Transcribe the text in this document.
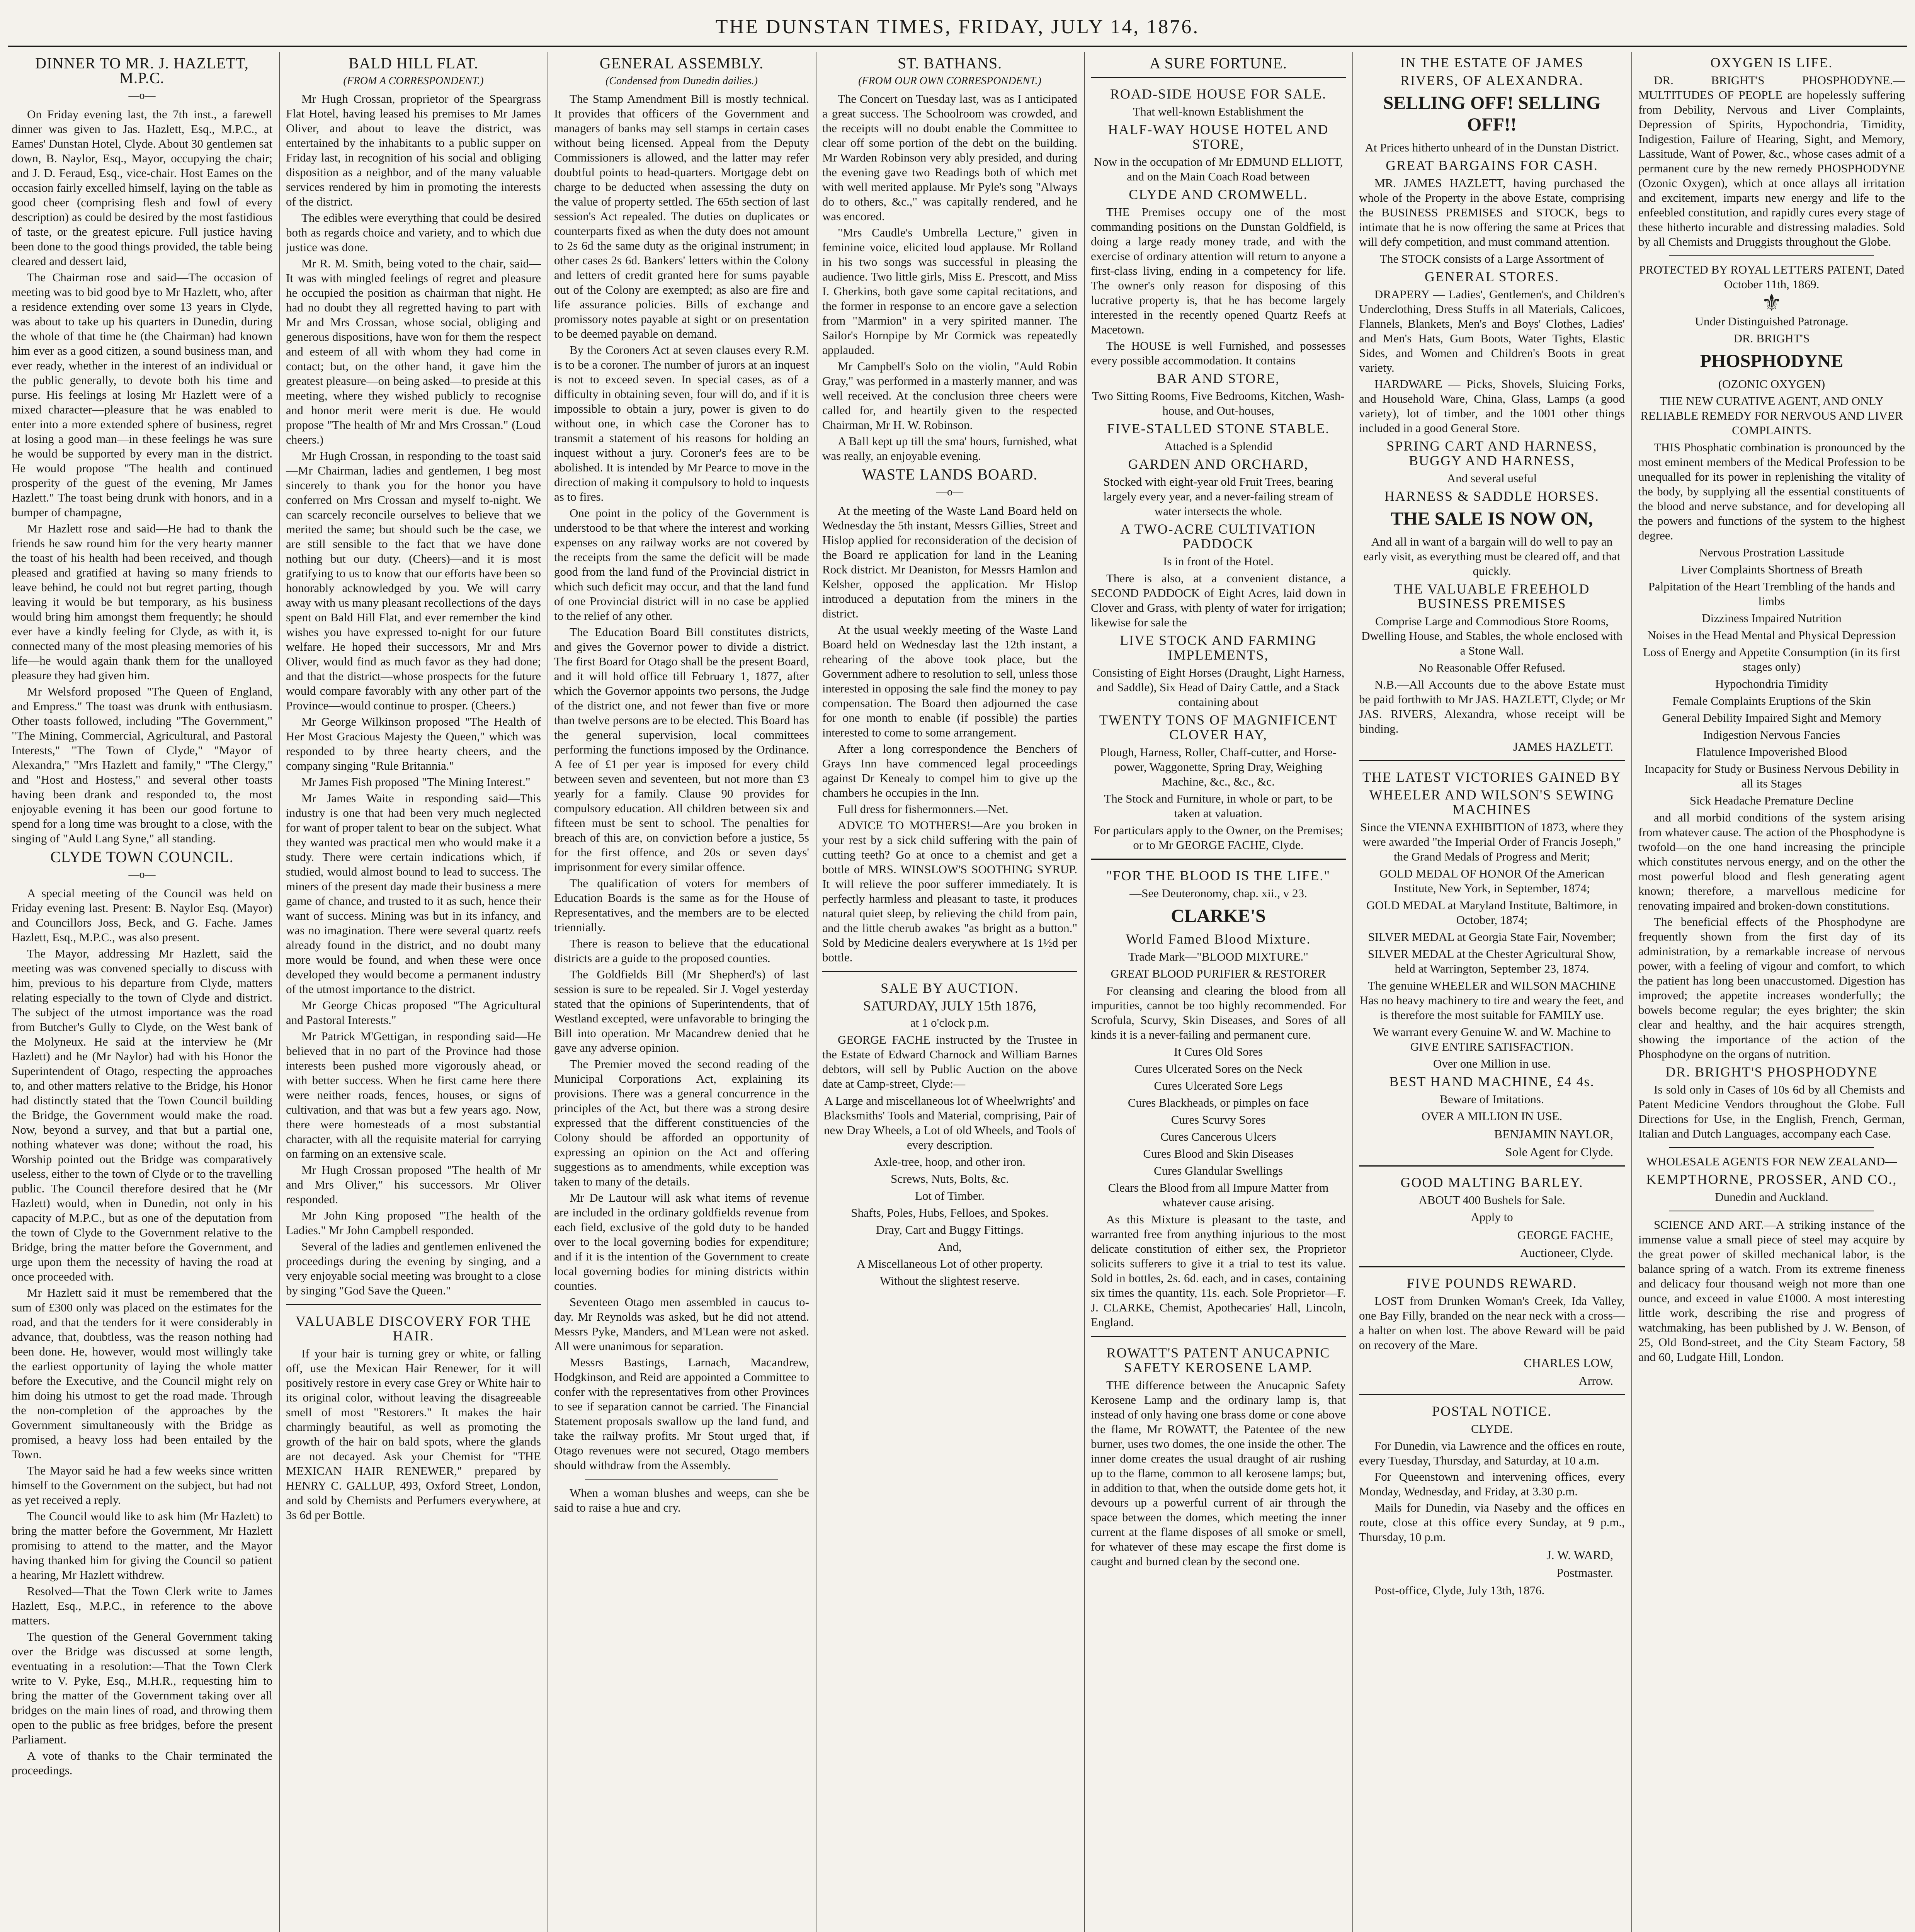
THE DUNSTAN TIMES, FRIDAY, JULY 14, 1876.
DINNER TO MR. J. HAZLETT, M.P.C.
—o—

On Friday evening last, the 7th inst., a farewell dinner was given to Jas. Hazlett, Esq., M.P.C., at Eames' Dunstan Hotel, Clyde. About 30 gentlemen sat down, B. Naylor, Esq., Mayor, occupying the chair; and J. D. Feraud, Esq., vice-chair. Host Eames on the occasion fairly excelled himself, laying on the table as good cheer (comprising flesh and fowl of every description) as could be desired by the most fastidious of taste, or the greatest epicure. Full justice having been done to the good things provided, the table being cleared and dessert laid,

The Chairman rose and said—The occasion of meeting was to bid good bye to Mr Hazlett, who, after a residence extending over some 13 years in Clyde, was about to take up his quarters in Dunedin, during the whole of that time he (the Chairman) had known him ever as a good citizen, a sound business man, and ever ready, whether in the interest of an individual or the public generally, to devote both his time and purse. His feelings at losing Mr Hazlett were of a mixed character—pleasure that he was enabled to enter into a more extended sphere of business, regret at losing a good man—in these feelings he was sure he would be supported by every man in the district. He would propose "The health and continued prosperity of the guest of the evening, Mr James Hazlett." The toast being drunk with honors, and in a bumper of champagne,

Mr Hazlett rose and said—He had to thank the friends he saw round him for the very hearty manner the toast of his health had been received, and though pleased and gratified at having so many friends to leave behind, he could not but regret parting, though leaving it would be but temporary, as his business would bring him amongst them frequently; he should ever have a kindly feeling for Clyde, as with it, is connected many of the most pleasing memories of his life—he would again thank them for the unalloyed pleasure they had given him.

Mr Welsford proposed "The Queen of England, and Empress." The toast was drunk with enthusiasm. Other toasts followed, including "The Government," "The Mining, Commercial, Agricultural, and Pastoral Interests," "The Town of Clyde," "Mayor of Alexandra," "Mrs Hazlett and family," "The Clergy," and "Host and Hostess," and several other toasts having been drank and responded to, the most enjoyable evening it has been our good fortune to spend for a long time was brought to a close, with the singing of "Auld Lang Syne," all standing.

CLYDE TOWN COUNCIL.
—o—

A special meeting of the Council was held on Friday evening last. Present: B. Naylor Esq. (Mayor) and Councillors Joss, Beck, and G. Fache. James Hazlett, Esq., M.P.C., was also present.

The Mayor, addressing Mr Hazlett, said the meeting was was convened specially to discuss with him, previous to his departure from Clyde, matters relating especially to the town of Clyde and district. The subject of the utmost importance was the road from Butcher's Gully to Clyde, on the West bank of the Molyneux. He said at the interview he (Mr Hazlett) and he (Mr Naylor) had with his Honor the Superintendent of Otago, respecting the approaches to, and other matters relative to the Bridge, his Honor had distinctly stated that the Town Council building the Bridge, the Government would make the road. Now, beyond a survey, and that but a partial one, nothing whatever was done; without the road, his Worship pointed out the Bridge was comparatively useless, either to the town of Clyde or to the travelling public. The Council therefore desired that he (Mr Hazlett) would, when in Dunedin, not only in his capacity of M.P.C., but as one of the deputation from the town of Clyde to the Government relative to the Bridge, bring the matter before the Government, and urge upon them the necessity of having the road at once proceeded with.

Mr Hazlett said it must be remembered that the sum of £300 only was placed on the estimates for the road, and that the tenders for it were considerably in advance, that, doubtless, was the reason nothing had been done. He, however, would most willingly take the earliest opportunity of laying the whole matter before the Executive, and the Council might rely on him doing his utmost to get the road made. Through the non-completion of the approaches by the Government simultaneously with the Bridge as promised, a heavy loss had been entailed by the Town.

The Mayor said he had a few weeks since written himself to the Government on the subject, but had not as yet received a reply.

The Council would like to ask him (Mr Hazlett) to bring the matter before the Government, Mr Hazlett promising to attend to the matter, and the Mayor having thanked him for giving the Council so patient a hearing, Mr Hazlett withdrew.

Resolved—That the Town Clerk write to James Hazlett, Esq., M.P.C., in reference to the above matters.

The question of the General Government taking over the Bridge was discussed at some length, eventuating in a resolution:—That the Town Clerk write to V. Pyke, Esq., M.H.R., requesting him to bring the matter of the Government taking over all bridges on the main lines of road, and throwing them open to the public as free bridges, before the present Parliament.

A vote of thanks to the Chair terminated the proceedings.

BALD HILL FLAT.
(FROM A CORRESPONDENT.)

Mr Hugh Crossan, proprietor of the Speargrass Flat Hotel, having leased his premises to Mr James Oliver, and about to leave the district, was entertained by the inhabitants to a public supper on Friday last, in recognition of his social and obliging disposition as a neighbor, and of the many valuable services rendered by him in promoting the interests of the district.

The edibles were everything that could be desired both as regards choice and variety, and to which due justice was done.

Mr R. M. Smith, being voted to the chair, said—It was with mingled feelings of regret and pleasure he occupied the position as chairman that night. He had no doubt they all regretted having to part with Mr and Mrs Crossan, whose social, obliging and generous dispositions, have won for them the respect and esteem of all with whom they had come in contact; but, on the other hand, it gave him the greatest pleasure—on being asked—to preside at this meeting, where they wished publicly to recognise and honor merit were merit is due. He would propose "The health of Mr and Mrs Crossan." (Loud cheers.)

Mr Hugh Crossan, in responding to the toast said—Mr Chairman, ladies and gentlemen, I beg most sincerely to thank you for the honor you have conferred on Mrs Crossan and myself to-night. We can scarcely reconcile ourselves to believe that we merited the same; but should such be the case, we are still sensible to the fact that we have done nothing but our duty. (Cheers)—and it is most gratifying to us to know that our efforts have been so honorably acknowledged by you. We will carry away with us many pleasant recollections of the days spent on Bald Hill Flat, and ever remember the kind wishes you have expressed to-night for our future welfare. He hoped their successors, Mr and Mrs Oliver, would find as much favor as they had done; and that the district—whose prospects for the future would compare favorably with any other part of the Province—would continue to prosper. (Cheers.)

Mr George Wilkinson proposed "The Health of Her Most Gracious Majesty the Queen," which was responded to by three hearty cheers, and the company singing "Rule Britannia."

Mr James Fish proposed "The Mining Interest."

Mr James Waite in responding said—This industry is one that had been very much neglected for want of proper talent to bear on the subject. What they wanted was practical men who would make it a study. There were certain indications which, if studied, would almost bound to lead to success. The miners of the present day made their business a mere game of chance, and trusted to it as such, hence their want of success. Mining was but in its infancy, and was no imagination. There were several quartz reefs already found in the district, and no doubt many more would be found, and when these were once developed they would become a permanent industry of the utmost importance to the district.

Mr George Chicas proposed "The Agricultural and Pastoral Interests."

Mr Patrick M'Gettigan, in responding said—He believed that in no part of the Province had those interests been pushed more vigorously ahead, or with better success. When he first came here there were neither roads, fences, houses, or signs of cultivation, and that was but a few years ago. Now, there were homesteads of a most substantial character, with all the requisite material for carrying on farming on an extensive scale.

Mr Hugh Crossan proposed "The health of Mr and Mrs Oliver," his successors. Mr Oliver responded.

Mr John King proposed "The health of the Ladies." Mr John Campbell responded.

Several of the ladies and gentlemen enlivened the proceedings during the evening by singing, and a very enjoyable social meeting was brought to a close by singing "God Save the Queen."

VALUABLE DISCOVERY FOR THE HAIR.

If your hair is turning grey or white, or falling off, use the Mexican Hair Renewer, for it will positively restore in every case Grey or White hair to its original color, without leaving the disagreeable smell of most "Restorers." It makes the hair charmingly beautiful, as well as promoting the growth of the hair on bald spots, where the glands are not decayed. Ask your Chemist for "THE MEXICAN HAIR RENEWER," prepared by HENRY C. GALLUP, 493, Oxford Street, London, and sold by Chemists and Perfumers everywhere, at 3s 6d per Bottle.

GENERAL ASSEMBLY.
(Condensed from Dunedin dailies.)

The Stamp Amendment Bill is mostly technical. It provides that officers of the Government and managers of banks may sell stamps in certain cases without being licensed. Appeal from the Deputy Commissioners is allowed, and the latter may refer doubtful points to head-quarters. Mortgage debt on charge to be deducted when assessing the duty on the value of property settled. The 65th section of last session's Act repealed. The duties on duplicates or counterparts fixed as when the duty does not amount to 2s 6d the same duty as the original instrument; in other cases 2s 6d. Bankers' letters within the Colony and letters of credit granted here for sums payable out of the Colony are exempted; as also are fire and life assurance policies. Bills of exchange and promissory notes payable at sight or on presentation to be deemed payable on demand.

By the Coroners Act at seven clauses every R.M. is to be a coroner. The number of jurors at an inquest is not to exceed seven. In special cases, as of a difficulty in obtaining seven, four will do, and if it is impossible to obtain a jury, power is given to do without one, in which case the Coroner has to transmit a statement of his reasons for holding an inquest without a jury. Coroner's fees are to be abolished. It is intended by Mr Pearce to move in the direction of making it compulsory to hold to inquests as to fires.

One point in the policy of the Government is understood to be that where the interest and working expenses on any railway works are not covered by the receipts from the same the deficit will be made good from the land fund of the Provincial district in which such deficit may occur, and that the land fund of one Provincial district will in no case be applied to the relief of any other.

The Education Board Bill constitutes districts, and gives the Governor power to divide a district. The first Board for Otago shall be the present Board, and it will hold office till February 1, 1877, after which the Governor appoints two persons, the Judge of the district one, and not fewer than five or more than twelve persons are to be elected. This Board has the general supervision, local committees performing the functions imposed by the Ordinance. A fee of £1 per year is imposed for every child between seven and seventeen, but not more than £3 yearly for a family. Clause 90 provides for compulsory education. All children between six and fifteen must be sent to school. The penalties for breach of this are, on conviction before a justice, 5s for the first offence, and 20s or seven days' imprisonment for every similar offence.

The qualification of voters for members of Education Boards is the same as for the House of Representatives, and the members are to be elected triennially.

There is reason to believe that the educational districts are a guide to the proposed counties.

The Goldfields Bill (Mr Shepherd's) of last session is sure to be repealed. Sir J. Vogel yesterday stated that the opinions of Superintendents, that of Westland excepted, were unfavorable to bringing the Bill into operation. Mr Macandrew denied that he gave any adverse opinion.

The Premier moved the second reading of the Municipal Corporations Act, explaining its provisions. There was a general concurrence in the principles of the Act, but there was a strong desire expressed that the different constituencies of the Colony should be afforded an opportunity of expressing an opinion on the Act and offering suggestions as to amendments, while exception was taken to many of the details.

Mr De Lautour will ask what items of revenue are included in the ordinary goldfields revenue from each field, exclusive of the gold duty to be handed over to the local governing bodies for expenditure; and if it is the intention of the Government to create local governing bodies for mining districts within counties.

Seventeen Otago men assembled in caucus to-day. Mr Reynolds was asked, but he did not attend. Messrs Pyke, Manders, and M'Lean were not asked. All were unanimous for separation.

Messrs Bastings, Larnach, Macandrew, Hodgkinson, and Reid are appointed a Committee to confer with the representatives from other Provinces to see if separation cannot be carried. The Financial Statement proposals swallow up the land fund, and take the railway profits. Mr Stout urged that, if Otago revenues were not secured, Otago members should withdraw from the Assembly.

When a woman blushes and weeps, can she be said to raise a hue and cry.

ST. BATHANS.
(FROM OUR OWN CORRESPONDENT.)

The Concert on Tuesday last, was as I anticipated a great success. The Schoolroom was crowded, and the receipts will no doubt enable the Committee to clear off some portion of the debt on the building. Mr Warden Robinson very ably presided, and during the evening gave two Readings both of which met with well merited applause. Mr Pyle's song "Always do to others, &c.," was capitally rendered, and he was encored.

"Mrs Caudle's Umbrella Lecture," given in feminine voice, elicited loud applause. Mr Rolland in his two songs was successful in pleasing the audience. Two little girls, Miss E. Prescott, and Miss I. Gherkins, both gave some capital recitations, and the former in response to an encore gave a selection from "Marmion" in a very spirited manner. The Sailor's Hornpipe by Mr Cormick was repeatedly applauded.

Mr Campbell's Solo on the violin, "Auld Robin Gray," was performed in a masterly manner, and was well received. At the conclusion three cheers were called for, and heartily given to the respected Chairman, Mr H. W. Robinson.

A Ball kept up till the sma' hours, furnished, what was really, an enjoyable evening.

WASTE LANDS BOARD.
—o—

At the meeting of the Waste Land Board held on Wednesday the 5th instant, Messrs Gillies, Street and Hislop applied for reconsideration of the decision of the Board re application for land in the Leaning Rock district. Mr Deaniston, for Messrs Hamlon and Kelsher, opposed the application. Mr Hislop introduced a deputation from the miners in the district.

At the usual weekly meeting of the Waste Land Board held on Wednesday last the 12th instant, a rehearing of the above took place, but the Government adhere to resolution to sell, unless those interested in opposing the sale find the money to pay compensation. The Board then adjourned the case for one month to enable (if possible) the parties interested to come to some arrangement.

After a long correspondence the Benchers of Grays Inn have commenced legal proceedings against Dr Kenealy to compel him to give up the chambers he occupies in the Inn.

Full dress for fishermonners.—Net.

ADVICE TO MOTHERS!—Are you broken in your rest by a sick child suffering with the pain of cutting teeth? Go at once to a chemist and get a bottle of MRS. WINSLOW'S SOOTHING SYRUP. It will relieve the poor sufferer immediately. It is perfectly harmless and pleasant to taste, it produces natural quiet sleep, by relieving the child from pain, and the little cherub awakes "as bright as a button." Sold by Medicine dealers everywhere at 1s 1½d per bottle.

SALE BY AUCTION.
SATURDAY, JULY 15th 1876,
at 1 o'clock p.m.

GEORGE FACHE instructed by the Trustee in the Estate of Edward Charnock and William Barnes debtors, will sell by Public Auction on the above date at Camp-street, Clyde:—

A Large and miscellaneous lot of Wheelwrights' and Blacksmiths' Tools and Material, comprising, Pair of new Dray Wheels, a Lot of old Wheels, and Tools of every description.
Axle-tree, hoop, and other iron.
Screws, Nuts, Bolts, &c.
Lot of Timber.
Shafts, Poles, Hubs, Felloes, and Spokes.
Dray, Cart and Buggy Fittings.
And,
A Miscellaneous Lot of other property.
Without the slightest reserve.
A SURE FORTUNE.
ROAD-SIDE HOUSE FOR SALE.
That well-known Establishment the
HALF-WAY HOUSE HOTEL AND STORE,
Now in the occupation of Mr EDMUND ELLIOTT, and on the Main Coach Road between
CLYDE AND CROMWELL.

THE Premises occupy one of the most commanding positions on the Dunstan Goldfield, is doing a large ready money trade, and with the exercise of ordinary attention will return to anyone a first-class living, ending in a competency for life. The owner's only reason for disposing of this lucrative property is, that he has become largely interested in the recently opened Quartz Reefs at Macetown.

The HOUSE is well Furnished, and possesses every possible accommodation. It contains

BAR AND STORE,
Two Sitting Rooms, Five Bedrooms, Kitchen, Wash-house, and Out-houses,
FIVE-STALLED STONE STABLE.
Attached is a Splendid
GARDEN AND ORCHARD,
Stocked with eight-year old Fruit Trees, bearing largely every year, and a never-failing stream of water intersects the whole.
A TWO-ACRE CULTIVATION PADDOCK
Is in front of the Hotel.

There is also, at a convenient distance, a SECOND PADDOCK of Eight Acres, laid down in Clover and Grass, with plenty of water for irrigation; likewise for sale the

LIVE STOCK AND FARMING IMPLEMENTS,
Consisting of Eight Horses (Draught, Light Harness, and Saddle), Six Head of Dairy Cattle, and a Stack containing about
TWENTY TONS OF MAGNIFICENT CLOVER HAY,
Plough, Harness, Roller, Chaff-cutter, and Horse-power, Waggonette, Spring Dray, Weighing Machine, &c., &c., &c.
The Stock and Furniture, in whole or part, to be taken at valuation.
For particulars apply to the Owner, on the Premises; or to Mr GEORGE FACHE, Clyde.
"FOR THE BLOOD IS THE LIFE."
—See Deuteronomy, chap. xii., v 23.
CLARKE'S
World Famed Blood Mixture.
Trade Mark—"BLOOD MIXTURE."
GREAT BLOOD PURIFIER & RESTORER

For cleansing and clearing the blood from all impurities, cannot be too highly recommended. For Scrofula, Scurvy, Skin Diseases, and Sores of all kinds it is a never-failing and permanent cure.

It Cures Old Sores
Cures Ulcerated Sores on the Neck
Cures Ulcerated Sore Legs
Cures Blackheads, or pimples on face
Cures Scurvy Sores
Cures Cancerous Ulcers
Cures Blood and Skin Diseases
Cures Glandular Swellings
Clears the Blood from all Impure Matter from whatever cause arising.

As this Mixture is pleasant to the taste, and warranted free from anything injurious to the most delicate constitution of either sex, the Proprietor solicits sufferers to give it a trial to test its value. Sold in bottles, 2s. 6d. each, and in cases, containing six times the quantity, 11s. each. Sole Proprietor—F. J. CLARKE, Chemist, Apothecaries' Hall, Lincoln, England.

ROWATT'S PATENT ANUCAPNIC SAFETY KEROSENE LAMP.

THE difference between the Anucapnic Safety Kerosene Lamp and the ordinary lamp is, that instead of only having one brass dome or cone above the flame, Mr ROWATT, the Patentee of the new burner, uses two domes, the one inside the other. The inner dome creates the usual draught of air rushing up to the flame, common to all kerosene lamps; but, in addition to that, when the outside dome gets hot, it devours up a powerful current of air through the space between the domes, which meeting the inner current at the flame disposes of all smoke or smell, for whatever of these may escape the first dome is caught and burned clean by the second one.

IN THE ESTATE OF JAMES
RIVERS, OF ALEXANDRA.
SELLING OFF! SELLING OFF!!
At Prices hitherto unheard of in the Dunstan District.
GREAT BARGAINS FOR CASH.

MR. JAMES HAZLETT, having purchased the whole of the Property in the above Estate, comprising the BUSINESS PREMISES and STOCK, begs to intimate that he is now offering the same at Prices that will defy competition, and must command attention.

The STOCK consists of a Large Assortment of
GENERAL STORES.

DRAPERY — Ladies', Gentlemen's, and Children's Underclothing, Dress Stuffs in all Materials, Calicoes, Flannels, Blankets, Men's and Boys' Clothes, Ladies' and Men's Hats, Gum Boots, Water Tights, Elastic Sides, and Women and Children's Boots in great variety.

HARDWARE — Picks, Shovels, Sluicing Forks, and Household Ware, China, Glass, Lamps (a good variety), lot of timber, and the 1001 other things included in a good General Store.

SPRING CART AND HARNESS, BUGGY AND HARNESS,
And several useful
HARNESS & SADDLE HORSES.
THE SALE IS NOW ON,
And all in want of a bargain will do well to pay an early visit, as everything must be cleared off, and that quickly.
THE VALUABLE FREEHOLD BUSINESS PREMISES
Comprise Large and Commodious Store Rooms, Dwelling House, and Stables, the whole enclosed with a Stone Wall.
No Reasonable Offer Refused.

N.B.—All Accounts due to the above Estate must be paid forthwith to Mr JAS. HAZLETT, Clyde; or Mr JAS. RIVERS, Alexandra, whose receipt will be binding.

JAMES HAZLETT.
THE LATEST VICTORIES GAINED BY
WHEELER AND WILSON'S SEWING MACHINES
Since the VIENNA EXHIBITION of 1873, where they were awarded "the Imperial Order of Francis Joseph," the Grand Medals of Progress and Merit;
GOLD MEDAL OF HONOR Of the American Institute, New York, in September, 1874;
GOLD MEDAL at Maryland Institute, Baltimore, in October, 1874;
SILVER MEDAL at Georgia State Fair, November;
SILVER MEDAL at the Chester Agricultural Show, held at Warrington, September 23, 1874.
The genuine WHEELER and WILSON MACHINE Has no heavy machinery to tire and weary the feet, and is therefore the most suitable for FAMILY use.
We warrant every Genuine W. and W. Machine to GIVE ENTIRE SATISFACTION.
Over one Million in use.
BEST HAND MACHINE, £4 4s.
Beware of Imitations.
OVER A MILLION IN USE.
BENJAMIN NAYLOR,
Sole Agent for Clyde.
GOOD MALTING BARLEY.
ABOUT 400 Bushels for Sale.
Apply to
GEORGE FACHE,
Auctioneer, Clyde.
FIVE POUNDS REWARD.

LOST from Drunken Woman's Creek, Ida Valley, one Bay Filly, branded on the near neck with a cross—a halter on when lost. The above Reward will be paid on recovery of the Mare.

CHARLES LOW,
Arrow.
POSTAL NOTICE.
CLYDE.

For Dunedin, via Lawrence and the offices en route, every Tuesday, Thursday, and Saturday, at 10 a.m.

For Queenstown and intervening offices, every Monday, Wednesday, and Friday, at 3.30 p.m.

Mails for Dunedin, via Naseby and the offices en route, close at this office every Sunday, at 9 p.m., Thursday, 10 p.m.

J. W. WARD,
Postmaster.

Post-office, Clyde, July 13th, 1876.

OXYGEN IS LIFE.

DR. BRIGHT'S PHOSPHODYNE.—MULTITUDES OF PEOPLE are hopelessly suffering from Debility, Nervous and Liver Complaints, Depression of Spirits, Hypochondria, Timidity, Indigestion, Failure of Hearing, Sight, and Memory, Lassitude, Want of Power, &c., whose cases admit of a permanent cure by the new remedy PHOSPHODYNE (Ozonic Oxygen), which at once allays all irritation and excitement, imparts new energy and life to the enfeebled constitution, and rapidly cures every stage of these hitherto incurable and distressing maladies. Sold by all Chemists and Druggists throughout the Globe.

PROTECTED BY ROYAL LETTERS PATENT, Dated October 11th, 1869.
⚜
Under Distinguished Patronage.
DR. BRIGHT'S
PHOSPHODYNE
(OZONIC OXYGEN)
THE NEW CURATIVE AGENT, AND ONLY RELIABLE REMEDY FOR NERVOUS AND LIVER COMPLAINTS.

THIS Phosphatic combination is pronounced by the most eminent members of the Medical Profession to be unequalled for its power in replenishing the vitality of the body, by supplying all the essential constituents of the blood and nerve substance, and for developing all the powers and functions of the system to the highest degree.

Nervous Prostration Lassitude
Liver Complaints Shortness of Breath
Palpitation of the Heart Trembling of the hands and limbs
Dizziness Impaired Nutrition
Noises in the Head Mental and Physical Depression
Loss of Energy and Appetite Consumption (in its first stages only)
Hypochondria Timidity
Female Complaints Eruptions of the Skin
General Debility Impaired Sight and Memory
Indigestion Nervous Fancies
Flatulence Impoverished Blood
Incapacity for Study or Business Nervous Debility in all its Stages
Sick Headache Premature Decline

and all morbid conditions of the system arising from whatever cause. The action of the Phosphodyne is twofold—on the one hand increasing the principle which constitutes nervous energy, and on the other the most powerful blood and flesh generating agent known; therefore, a marvellous medicine for renovating impaired and broken-down constitutions.

The beneficial effects of the Phosphodyne are frequently shown from the first day of its administration, by a remarkable increase of nervous power, with a feeling of vigour and comfort, to which the patient has long been unaccustomed. Digestion has improved; the appetite increases wonderfully; the bowels become regular; the eyes brighter; the skin clear and healthy, and the hair acquires strength, showing the importance of the action of the Phosphodyne on the organs of nutrition.

DR. BRIGHT'S PHOSPHODYNE

Is sold only in Cases of 10s 6d by all Chemists and Patent Medicine Vendors throughout the Globe. Full Directions for Use, in the English, French, German, Italian and Dutch Languages, accompany each Case.

WHOLESALE AGENTS FOR NEW ZEALAND—
KEMPTHORNE, PROSSER, AND CO.,
Dunedin and Auckland.

SCIENCE AND ART.—A striking instance of the immense value a small piece of steel may acquire by the great power of skilled mechanical labor, is the balance spring of a watch. From its extreme fineness and delicacy four thousand weigh not more than one ounce, and exceed in value £1000. A most interesting little work, describing the rise and progress of watchmaking, has been published by J. W. Benson, of 25, Old Bond-street, and the City Steam Factory, 58 and 60, Ludgate Hill, London.
